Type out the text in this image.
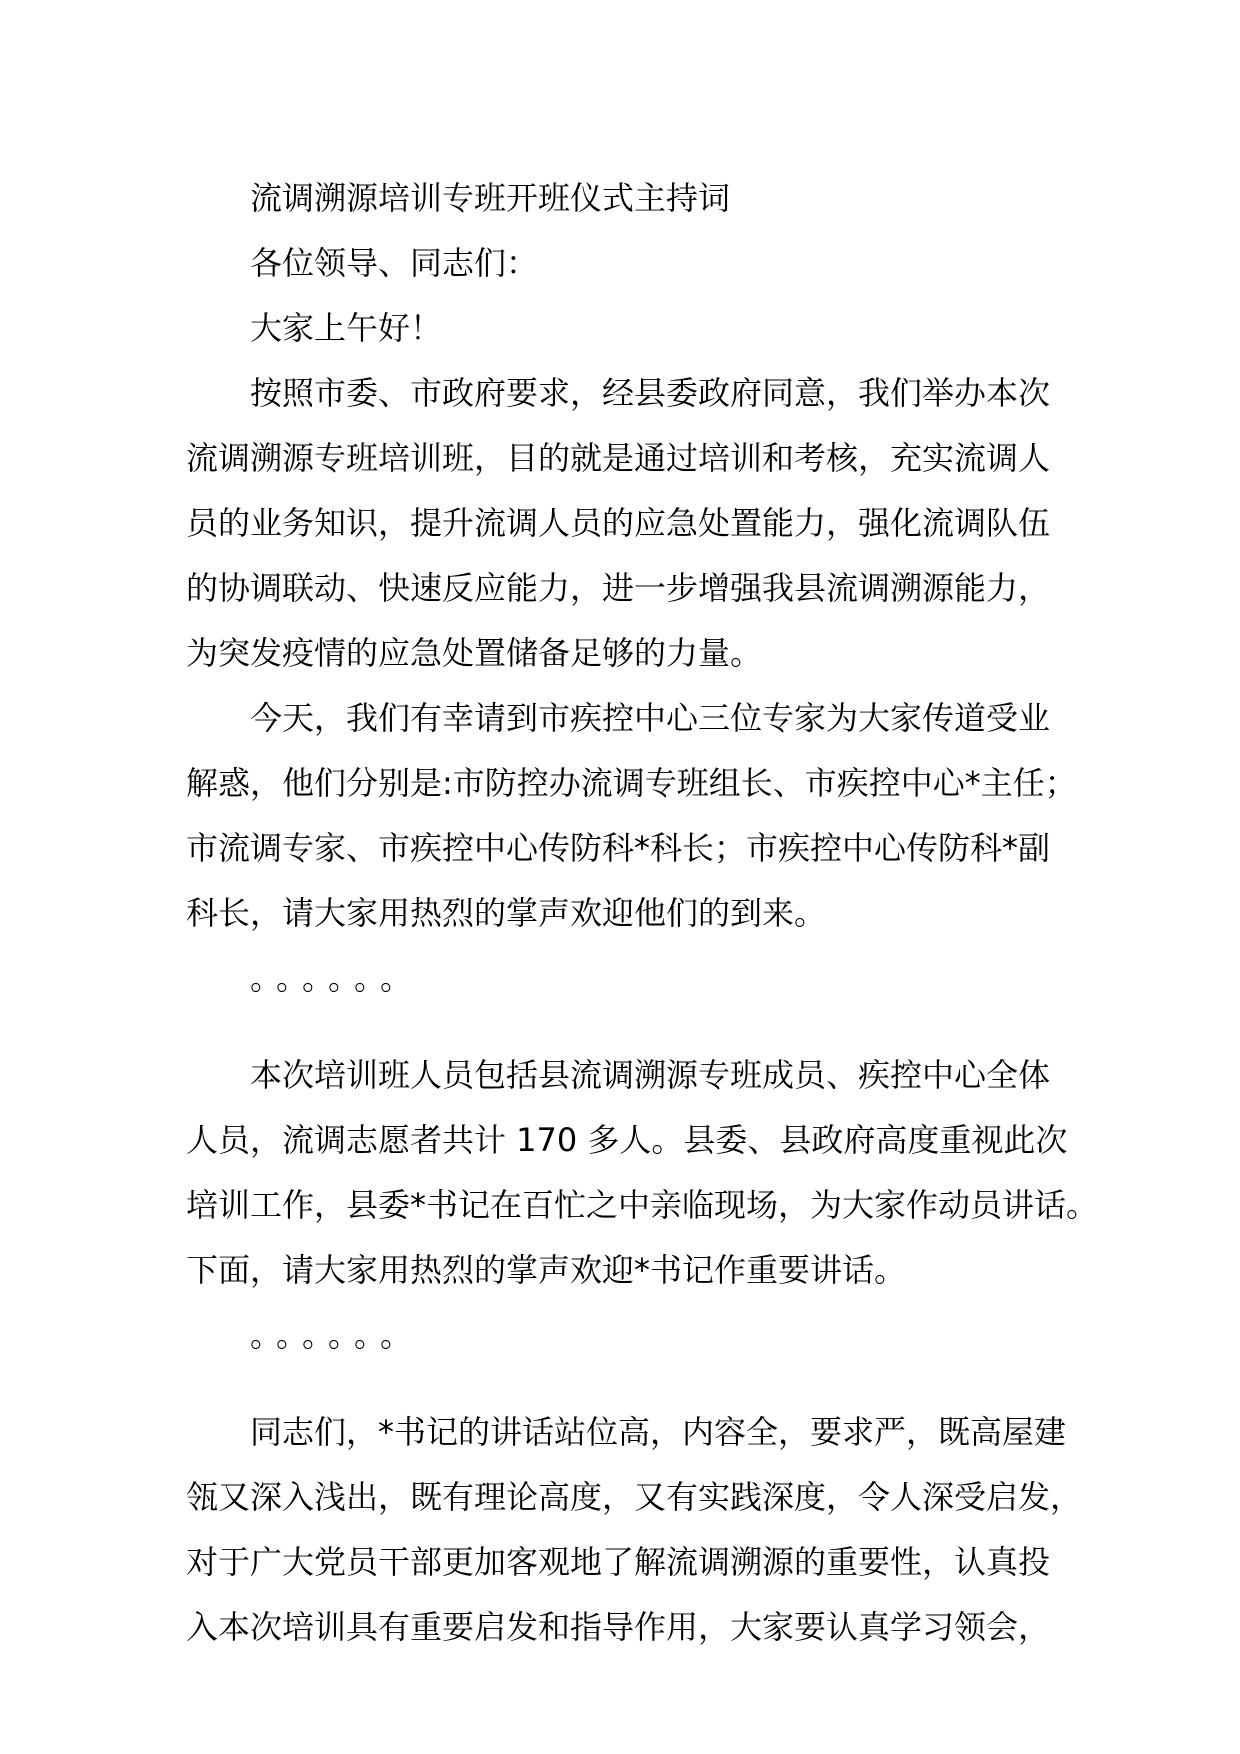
流调溯源培训专班开班仪式主持词

各位领导、同志们：

大家上午好！

按照市委、市政府要求，经县委政府同意，我们举办本次

流调溯源专班培训班，目的就是通过培训和考核，充实流调人

员的业务知识，提升流调人员的应急处置能力，强化流调队伍

的协调联动、快速反应能力，进一步增强我县流调溯源能力，

为突发疫情的应急处置储备足够的力量。

今天，我们有幸请到市疾控中心三位专家为大家传道受业

解惑，他们分别是:市防控办流调专班组长、市疾控中心*主任；

市流调专家、市疾控中心传防科*科长；市疾控中心传防科*副

科长，请大家用热烈的掌声欢迎他们的到来。

。。。。。。

本次培训班人员包括县流调溯源专班成员、疾控中心全体

人员，流调志愿者共计 170 多人。县委、县政府高度重视此次

培训工作，县委*书记在百忙之中亲临现场，为大家作动员讲话。

下面，请大家用热烈的掌声欢迎*书记作重要讲话。

。。。。。。

同志们，*书记的讲话站位高，内容全，要求严，既高屋建

瓴又深入浅出，既有理论高度，又有实践深度，令人深受启发，

对于广大党员干部更加客观地了解流调溯源的重要性，认真投

入本次培训具有重要启发和指导作用，大家要认真学习领会，
